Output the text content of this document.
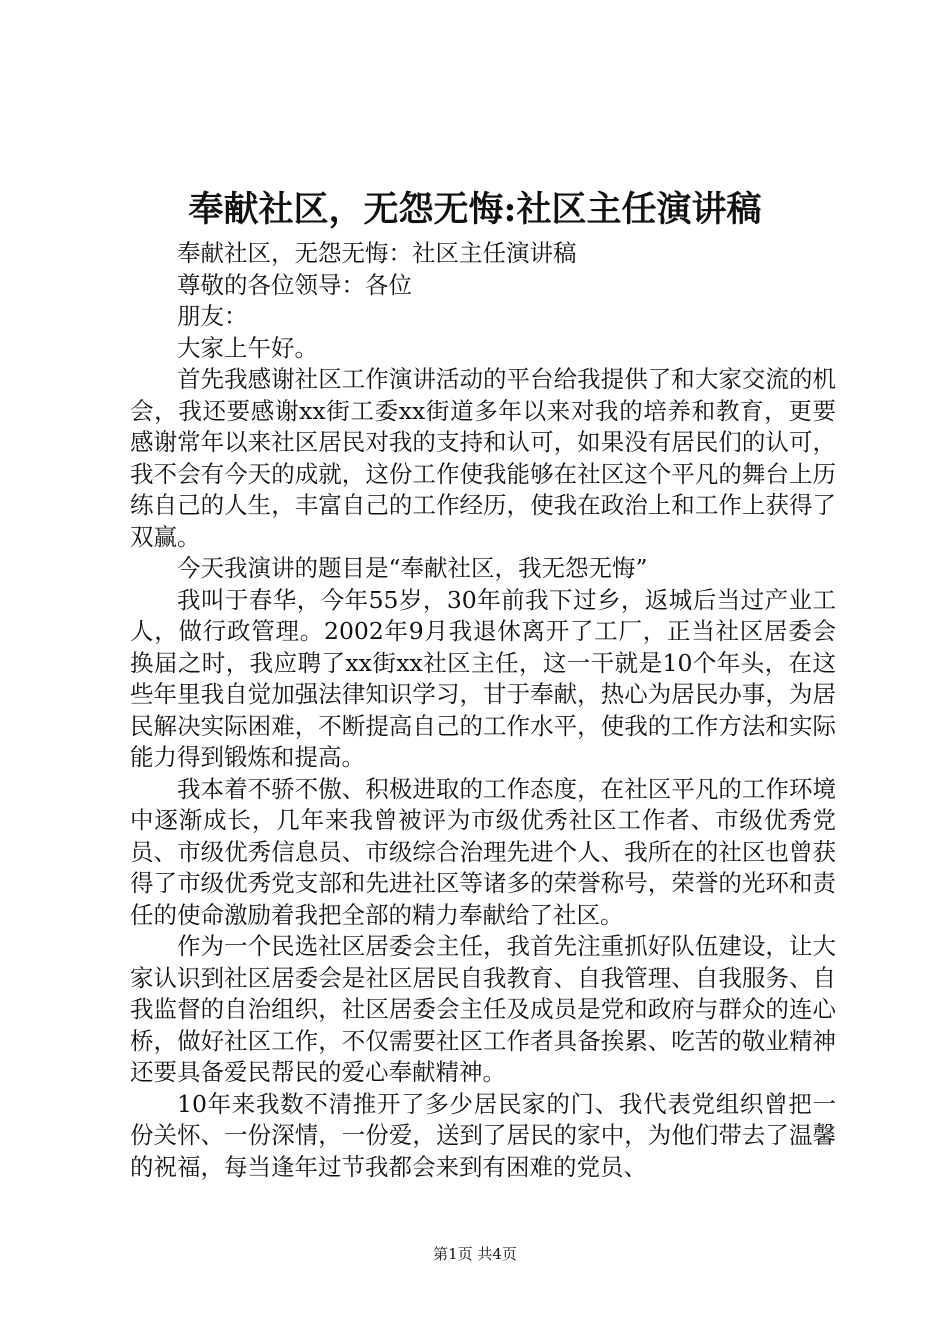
奉献社区，无怨无悔:社区主任演讲稿

奉献社区，无怨无悔：社区主任演讲稿

尊敬的各位领导：各位

朋友：

大家上午好。

首先我感谢社区工作演讲活动的平台给我提供了和大家交流的机会，我还要感谢xx街工委xx街道多年以来对我的培养和教育，更要感谢常年以来社区居民对我的支持和认可，如果没有居民们的认可，我不会有今天的成就，这份工作使我能够在社区这个平凡的舞台上历练自己的人生，丰富自己的工作经历，使我在政治上和工作上获得了双赢。

今天我演讲的题目是“奉献社区，我无怨无悔”

我叫于春华，今年55岁，30年前我下过乡，返城后当过产业工人，做行政管理。2002年9月我退休离开了工厂，正当社区居委会换届之时，我应聘了xx街xx社区主任，这一干就是10个年头，在这些年里我自觉加强法律知识学习，甘于奉献，热心为居民办事，为居民解决实际困难，不断提高自己的工作水平，使我的工作方法和实际能力得到锻炼和提高。

我本着不骄不傲、积极进取的工作态度，在社区平凡的工作环境中逐渐成长，几年来我曾被评为市级优秀社区工作者、市级优秀党员、市级优秀信息员、市级综合治理先进个人、我所在的社区也曾获得了市级优秀党支部和先进社区等诸多的荣誉称号，荣誉的光环和责任的使命激励着我把全部的精力奉献给了社区。

作为一个民选社区居委会主任，我首先注重抓好队伍建设，让大家认识到社区居委会是社区居民自我教育、自我管理、自我服务、自我监督的自治组织，社区居委会主任及成员是党和政府与群众的连心桥，做好社区工作，不仅需要社区工作者具备挨累、吃苦的敬业精神还要具备爱民帮民的爱心奉献精神。

10年来我数不清推开了多少居民家的门、我代表党组织曾把一份关怀、一份深情，一份爱，送到了居民的家中，为他们带去了温馨的祝福，每当逢年过节我都会来到有困难的党员、

第1页 共4页
